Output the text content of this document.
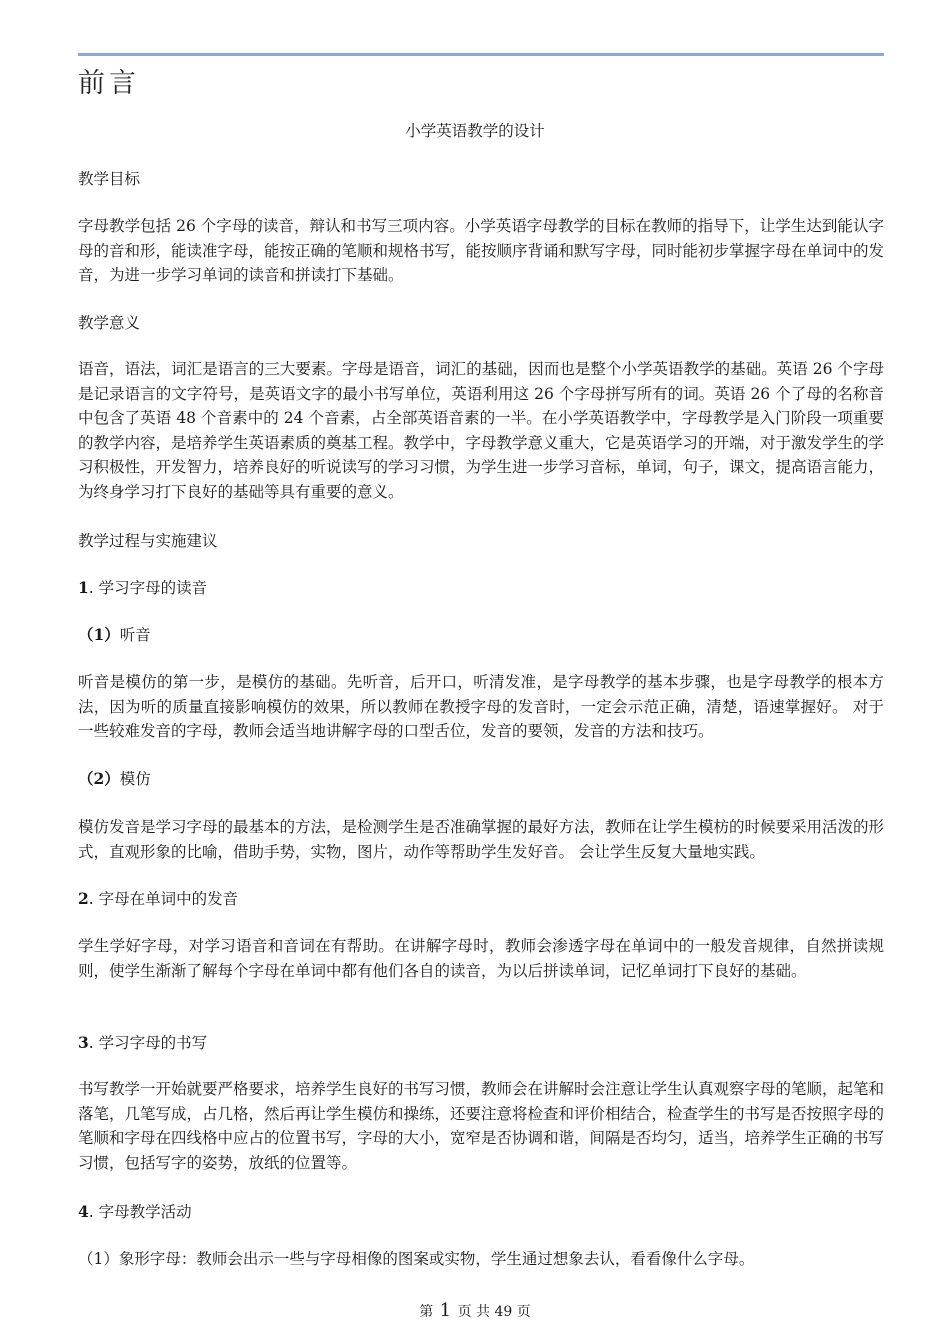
前言
小学英语教学的设计
教学目标
字母教学包括 26 个字母的读音，辩认和书写三项内容。小学英语字母教学的目标在教师的指导下，让学生达到能认字母的音和形，能读准字母，能按正确的笔顺和规格书写，能按顺序背诵和默写字母，同时能初步掌握字母在单词中的发音，为进一步学习单词的读音和拼读打下基础。
教学意义
语音，语法，词汇是语言的三大要素。字母是语音，词汇的基础，因而也是整个小学英语教学的基础。英语 26 个字母是记录语言的文字符号，是英语文字的最小书写单位，英语利用这 26 个字母拼写所有的词。英语 26 个了母的名称音中包含了英语 48 个音素中的 24 个音素，占全部英语音素的一半。在小学英语教学中，字母教学是入门阶段一项重要的教学内容，是培养学生英语素质的奠基工程。教学中，字母教学意义重大，它是英语学习的开端，对于激发学生的学习积极性，开发智力，培养良好的听说读写的学习习惯，为学生进一步学习音标，单词，句子，课文，提高语言能力，为终身学习打下良好的基础等具有重要的意义。
教学过程与实施建议
1. 学习字母的读音
（1）听音
听音是模仿的第一步，是模仿的基础。先听音，后开口，听清发准，是字母教学的基本步骤，也是字母教学的根本方法，因为听的质量直接影响模仿的效果，所以教师在教授字母的发音时，一定会示范正确，清楚，语速掌握好。 对于一些较难发音的字母，教师会适当地讲解字母的口型舌位，发音的要领，发音的方法和技巧。
（2）模仿
模仿发音是学习字母的最基本的方法，是检测学生是否准确掌握的最好方法，教师在让学生模枋的时候要采用活泼的形式，直观形象的比喻，借助手势，实物，图片，动作等帮助学生发好音。 会让学生反复大量地实践。
2. 字母在单词中的发音
学生学好字母，对学习语音和音词在有帮助。在讲解字母时，教师会渗透字母在单词中的一般发音规律，自然拼读规则，使学生渐渐了解每个字母在单词中都有他们各自的读音，为以后拼读单词，记忆单词打下良好的基础。
3. 学习字母的书写
书写教学一开始就要严格要求，培养学生良好的书写习惯，教师会在讲解时会注意让学生认真观察字母的笔顺，起笔和落笔，几笔写成，占几格，然后再让学生模仿和操练，还要注意将检查和评价相结合，检查学生的书写是否按照字母的笔顺和字母在四线格中应占的位置书写，字母的大小，宽窄是否协调和谐，间隔是否均匀，适当，培养学生正确的书写习惯，包括写字的姿势，放纸的位置等。
4. 字母教学活动
（1）象形字母：教师会出示一些与字母相像的图案或实物，学生通过想象去认，看看像什么字母。
第 1 页 共 49 页
